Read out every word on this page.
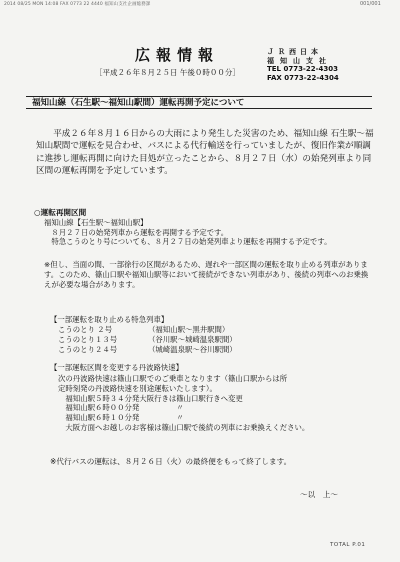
2014 08/25 MON 14:08 FAX 0773 22 4440 福知山支社企画総務課	001/001
広報情報
［平成２６年８月２５日 午後０時００分］
ＪＲ西日本
福知山支社
TEL 0773-22-4303
FAX 0773-22-4304
福知山線（石生駅～福知山駅間）運転再開予定について

平成２６年８月１６日からの大雨により発生した災害のため、福知山線 石生駅～福知山駅間で運転を見合わせ、バスによる代行輸送を行っていましたが、復旧作業が順調に進捗し運転再開に向けた目処が立ったことから、８月２７日（水）の始発列車より同区間の運転再開を予定しています。

○運転再開区間
福知山線【石生駅～福知山駅】
　８月２７日の始発列車から運転を再開する予定です。
　特急こうのとり号についても、８月２７日の始発列車より運転を再開する予定です。
※但し、当面の間、一部徐行の区間があるため、遅れや一部区間の運転を取り止める列車があります。このため、篠山口駅や福知山駅等において接続ができない列車があり、後続の列車へのお乗換えが必要な場合があります。
【一部運転を取り止める特急列車】
こうのとり ２号	（福知山駅～黒井駅間）
こうのとり１３号	（谷川駅～城崎温泉駅間）
こうのとり２４号	（城崎温泉駅～谷川駅間）
【一部運転区間を変更する丹波路快速】
次の丹波路快速は篠山口駅でのご乗車となります（篠山口駅からは所
定時刻発の丹波路快速を別途運転いたします）。
　福知山駅５時３４分発大阪行きは篠山口駅行きへ変更
　福知山駅６時００分発　　　　　〃
　福知山駅６時１０分発　　　　　〃
　大阪方面へお越しのお客様は篠山口駅で後続の列車にお乗換えください。
※代行バスの運転は、８月２６日（火）の最終便をもって終了します。
～以　上～
TOTAL P.01
